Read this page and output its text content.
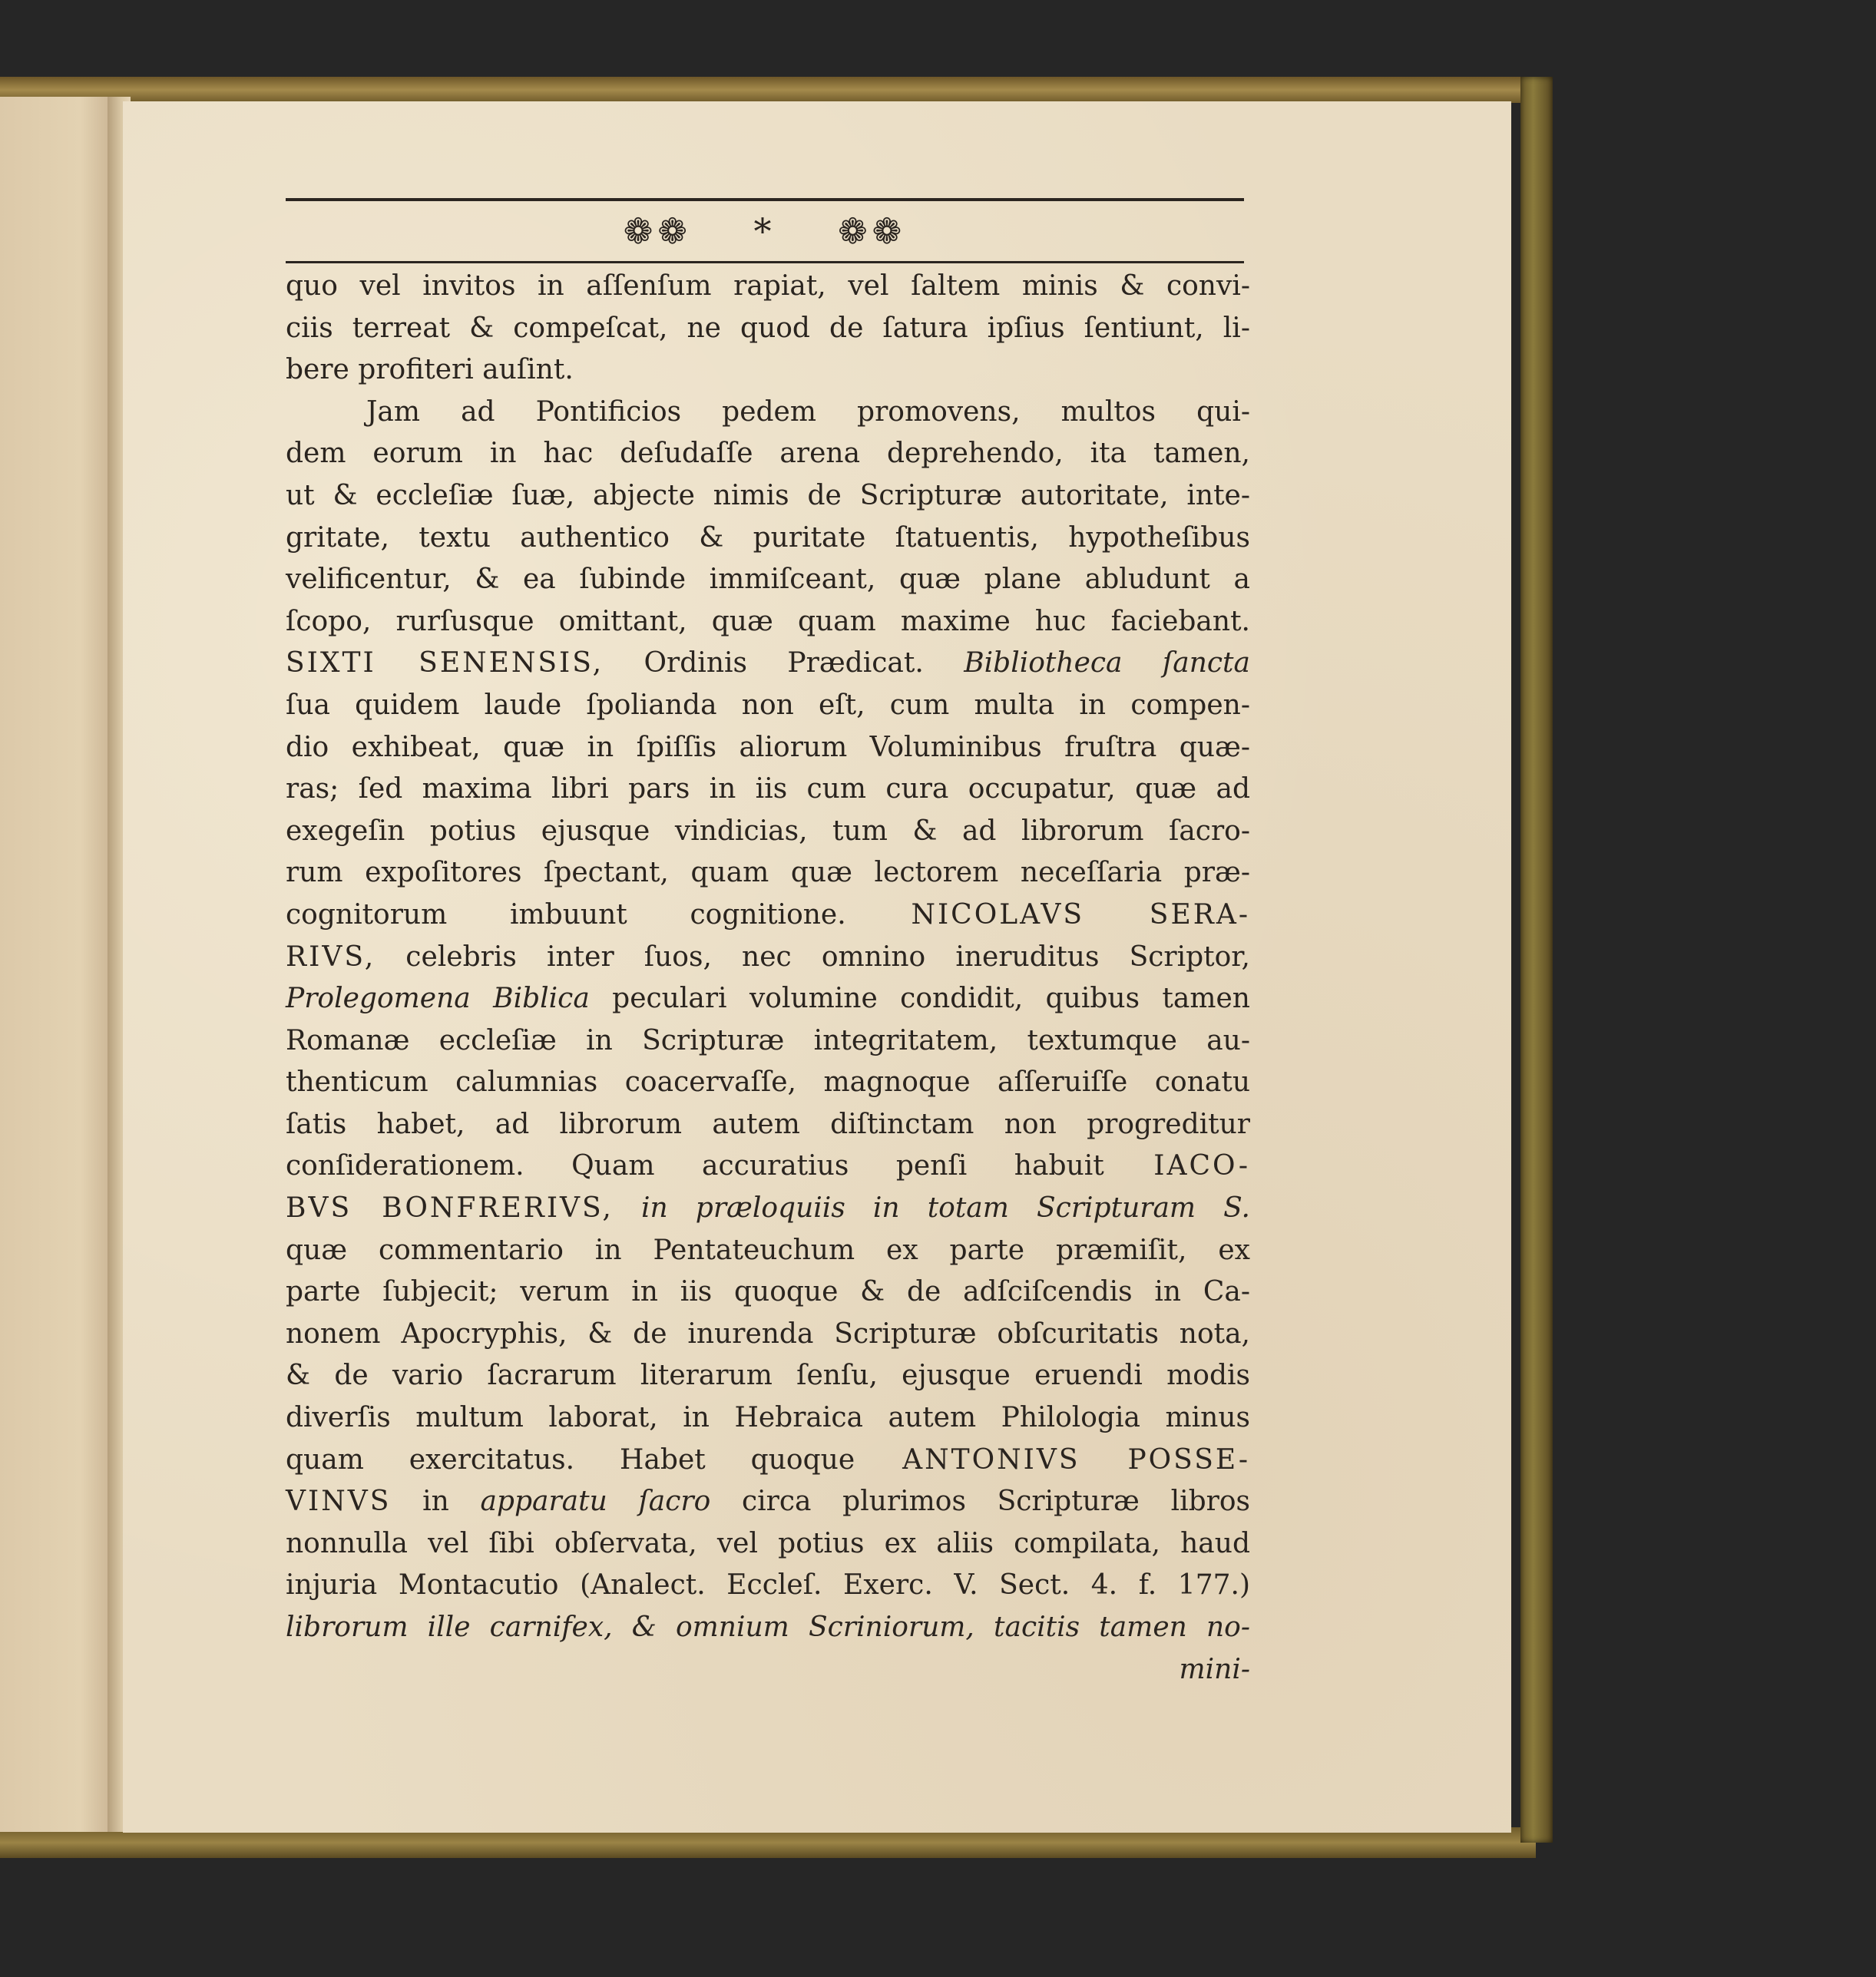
❁❁ * ❁❁
quo vel invitos in aſſenſum rapiat, vel ſaltem minis & convi-
ciis terreat & compeſcat, ne quod de ſatura ipſius ſentiunt, li-
bere profiteri auſint.
Jam ad Pontificios pedem promovens, multos qui-
dem eorum in hac deſudaſſe arena deprehendo, ita tamen,
ut & eccleſiæ ſuæ, abjecte nimis de Scripturæ autoritate, inte-
gritate, textu authentico & puritate ſtatuentis, hypotheſibus
velificentur, & ea ſubinde immiſceant, quæ plane abludunt a
ſcopo, rurſusque omittant, quæ quam maxime huc faciebant.
SIXTI SENENSIS, Ordinis Prædicat. Bibliotheca ſancta
ſua quidem laude ſpolianda non eſt, cum multa in compen-
dio exhibeat, quæ in ſpiſſis aliorum Voluminibus fruſtra quæ-
ras; ſed maxima libri pars in iis cum cura occupatur, quæ ad
exegeſin potius ejusque vindicias, tum & ad librorum ſacro-
rum expoſitores ſpectant, quam quæ lectorem neceſſaria præ-
cognitorum imbuunt cognitione. NICOLAVS SERA-
RIVS, celebris inter ſuos, nec omnino ineruditus Scriptor,
Prolegomena Biblica peculari volumine condidit, quibus tamen
Romanæ eccleſiæ in Scripturæ integritatem, textumque au-
thenticum calumnias coacervaſſe, magnoque aſſeruiſſe conatu
ſatis habet, ad librorum autem diſtinctam non progreditur
conſiderationem. Quam accuratius penſi habuit IACO-
BVS BONFRERIVS, in præloquiis in totam Scripturam S.
quæ commentario in Pentateuchum ex parte præmiſit, ex
parte ſubjecit; verum in iis quoque & de adſciſcendis in Ca-
nonem Apocryphis, & de inurenda Scripturæ obſcuritatis nota,
& de vario ſacrarum literarum ſenſu, ejusque eruendi modis
diverſis multum laborat, in Hebraica autem Philologia minus
quam exercitatus. Habet quoque ANTONIVS POSSE-
VINVS in apparatu ſacro circa plurimos Scripturæ libros
nonnulla vel ſibi obſervata, vel potius ex aliis compilata, haud
injuria Montacutio (Analect. Eccleſ. Exerc. V. Sect. 4. f. 177.)
librorum ille carnifex, & omnium Scriniorum, tacitis tamen no-
mini-
